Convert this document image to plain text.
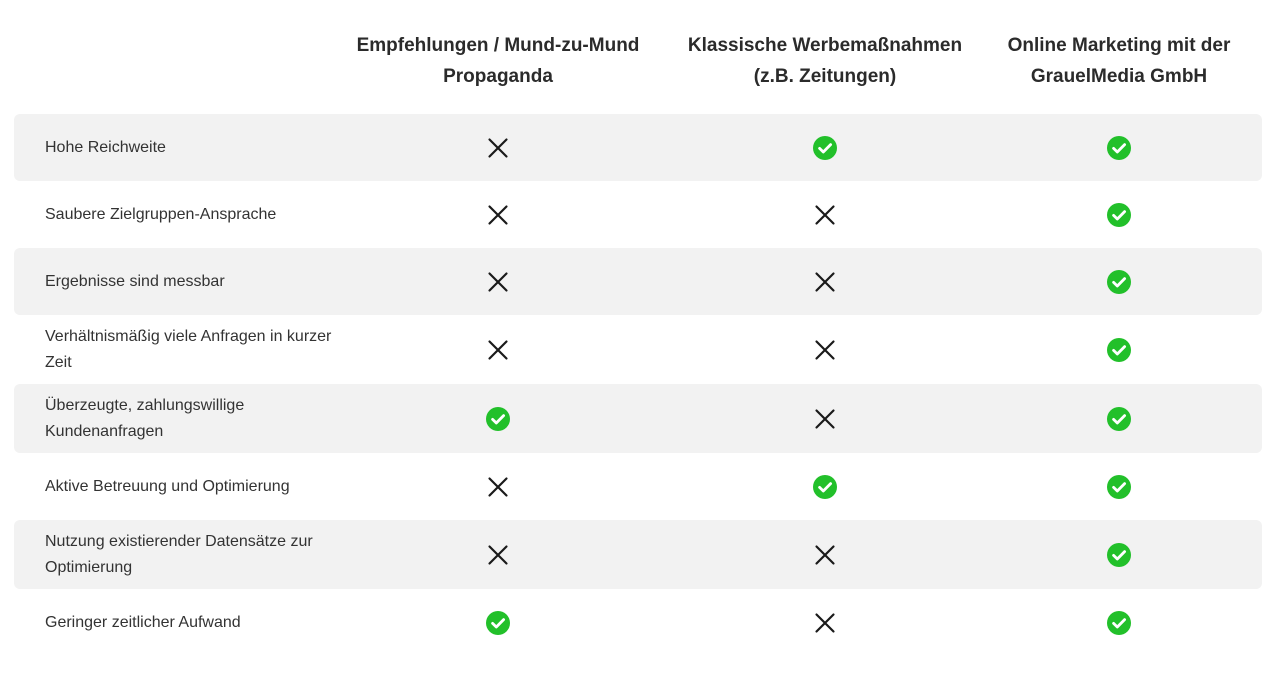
Empfehlungen / Mund-zu-Mund
Propaganda
Klassische Werbemaßnahmen
(z.B. Zeitungen)
Online Marketing mit der
GrauelMedia GmbH
Hohe Reichweite
Saubere Zielgruppen-Ansprache
Ergebnisse sind messbar
Verhältnismäßig viele Anfragen in kurzer Zeit
Überzeugte, zahlungswillige Kundenanfragen
Aktive Betreuung und Optimierung
Nutzung existierender Datensätze zur Optimierung
Geringer zeitlicher Aufwand
